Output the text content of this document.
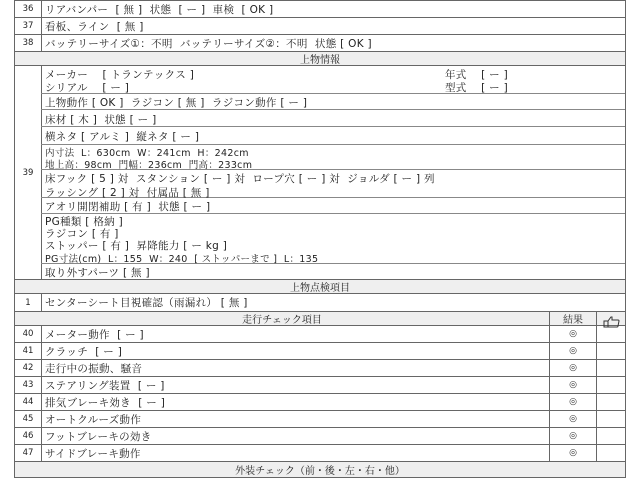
36	リアバンパー  [ 無 ]  状態  [ ー ]  車検  [ OK ]
37	看板、ライン  [ 無 ]
38	バッテリーサイズ①：不明  バッテリーサイズ②：不明  状態 [ OK ]
上物情報
39
メーカー    [ トランテックス ]	年式    [ ー ]
シリアル    [ ー ]	型式    [ ー ]
上物動作 [ OK ]  ラジコン [ 無 ]  ラジコン動作 [ ー ]
床材 [ 木 ]  状態 [ ー ]
横ネタ [ アルミ ]  縦ネタ [ ー ]
内寸法  L：630cm  W：241cm  H：242cm
地上高：98cm  門幅：236cm  門高：233cm
床フック [ 5 ] 対  スタンション [ ー ] 対  ロープ穴 [ ー ] 対  ジョルダ [ ー ] 列
ラッシング [ 2 ] 対  付属品 [ 無 ]
アオリ開閉補助 [ 有 ]  状態 [ ー ]
PG種類 [ 格納 ]
ラジコン [ 有 ]
ストッパー [ 有 ]  昇降能力 [ ー kg ]
PG寸法(cm)  L：155  W：240  [ ストッパーまで ]  L：135
取り外すパーツ [ 無 ]
上物点検項目
1	センターシート目視確認（雨漏れ） [ 無 ]
走行チェック項目	結果
40	メーター動作  [ ー ]	◎
41	クラッチ  [ ー ]	◎
42	走行中の振動、騒音	◎
43	ステアリング装置  [ ー ]	◎
44	排気ブレーキ効き  [ ー ]	◎
45	オートクルーズ動作	◎
46	フットブレーキの効き	◎
47	サイドブレーキ動作	◎
外装チェック（前・後・左・右・他）
